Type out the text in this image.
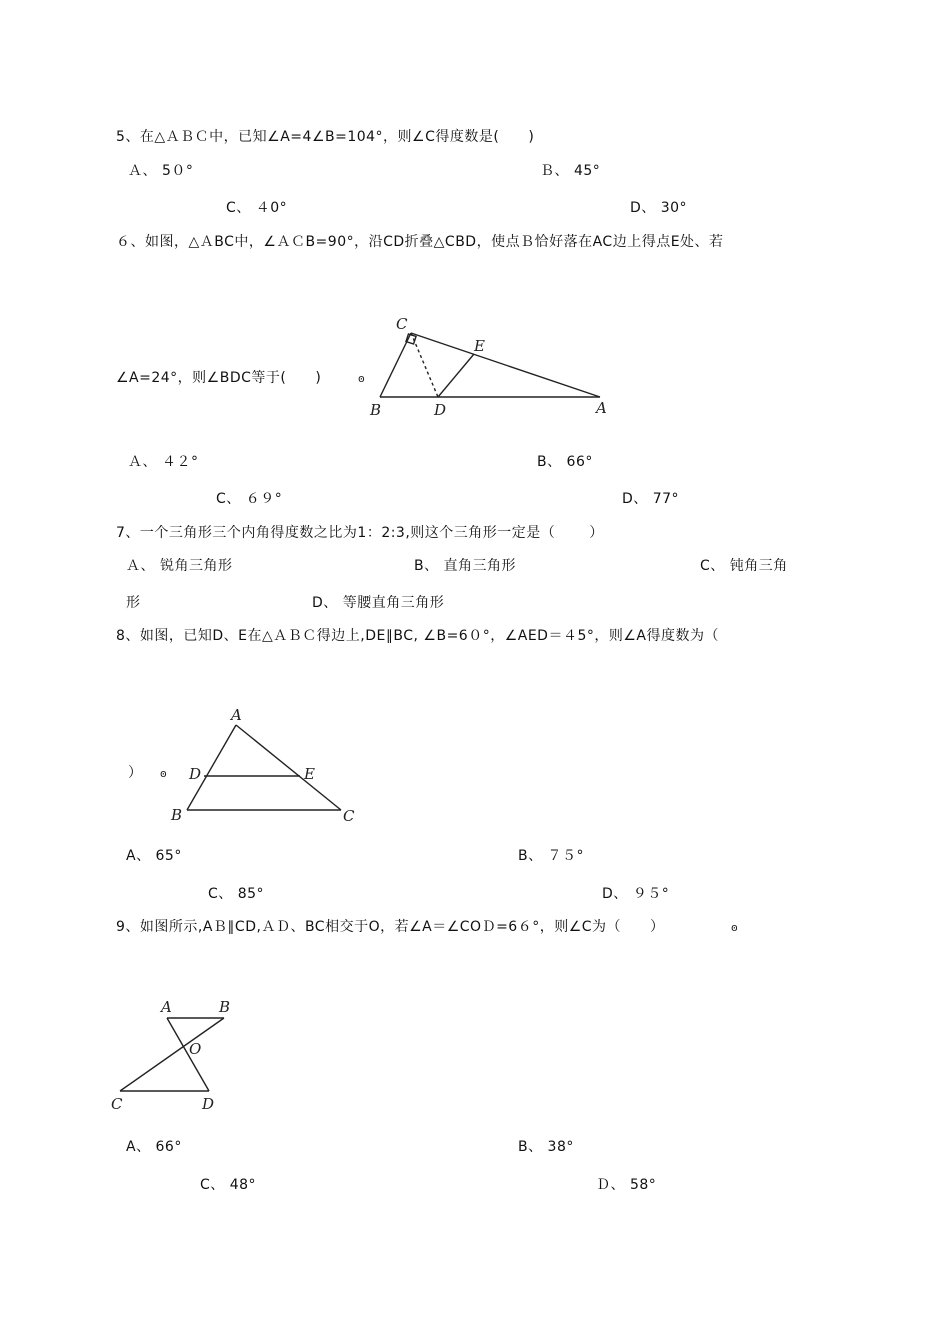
5、在△ＡＢＣ中，已知∠A=4∠B=104°，则∠C得度数是(　　)
Ａ、 5０°	Ｂ、 45°
C、 ４0°	D、 30°
６、如图，△ＡBC中，∠ＡＣB=90°，沿CD折叠△CBD，使点Ｂ恰好落在AC边上得点E处、若
∠A=24°，则∠BDC等于(　　)	ꙩ
C
E
B	D	A
Ａ、 ４２°	B、 66°
C、 ６９°	D、 77°
7、一个三角形三个内角得度数之比为1：2:3,则这个三角形一定是（　　 ）
Ａ、 锐角三角形	B、 直角三角形	C、 钝角三角
形	D、 等腰直角三角形
8、如图，已知D、E在△ＡＢＣ得边上,DE∥BC, ∠B=6０°，∠AED＝４5°，则∠A得度数为（
） ꙩ
A
D	E
B	C
A、 65°	B、 ７５°
C、 85°	D、 ９５°
9、如图所示,AＢ∥CD,ＡＤ、BC相交于O，若∠A＝∠COＤ=6６°，则∠C为（　　）	ꙩ
A	B
O
C	D
A、 66°	B、 38°
C、 48°	Ｄ、 58°
